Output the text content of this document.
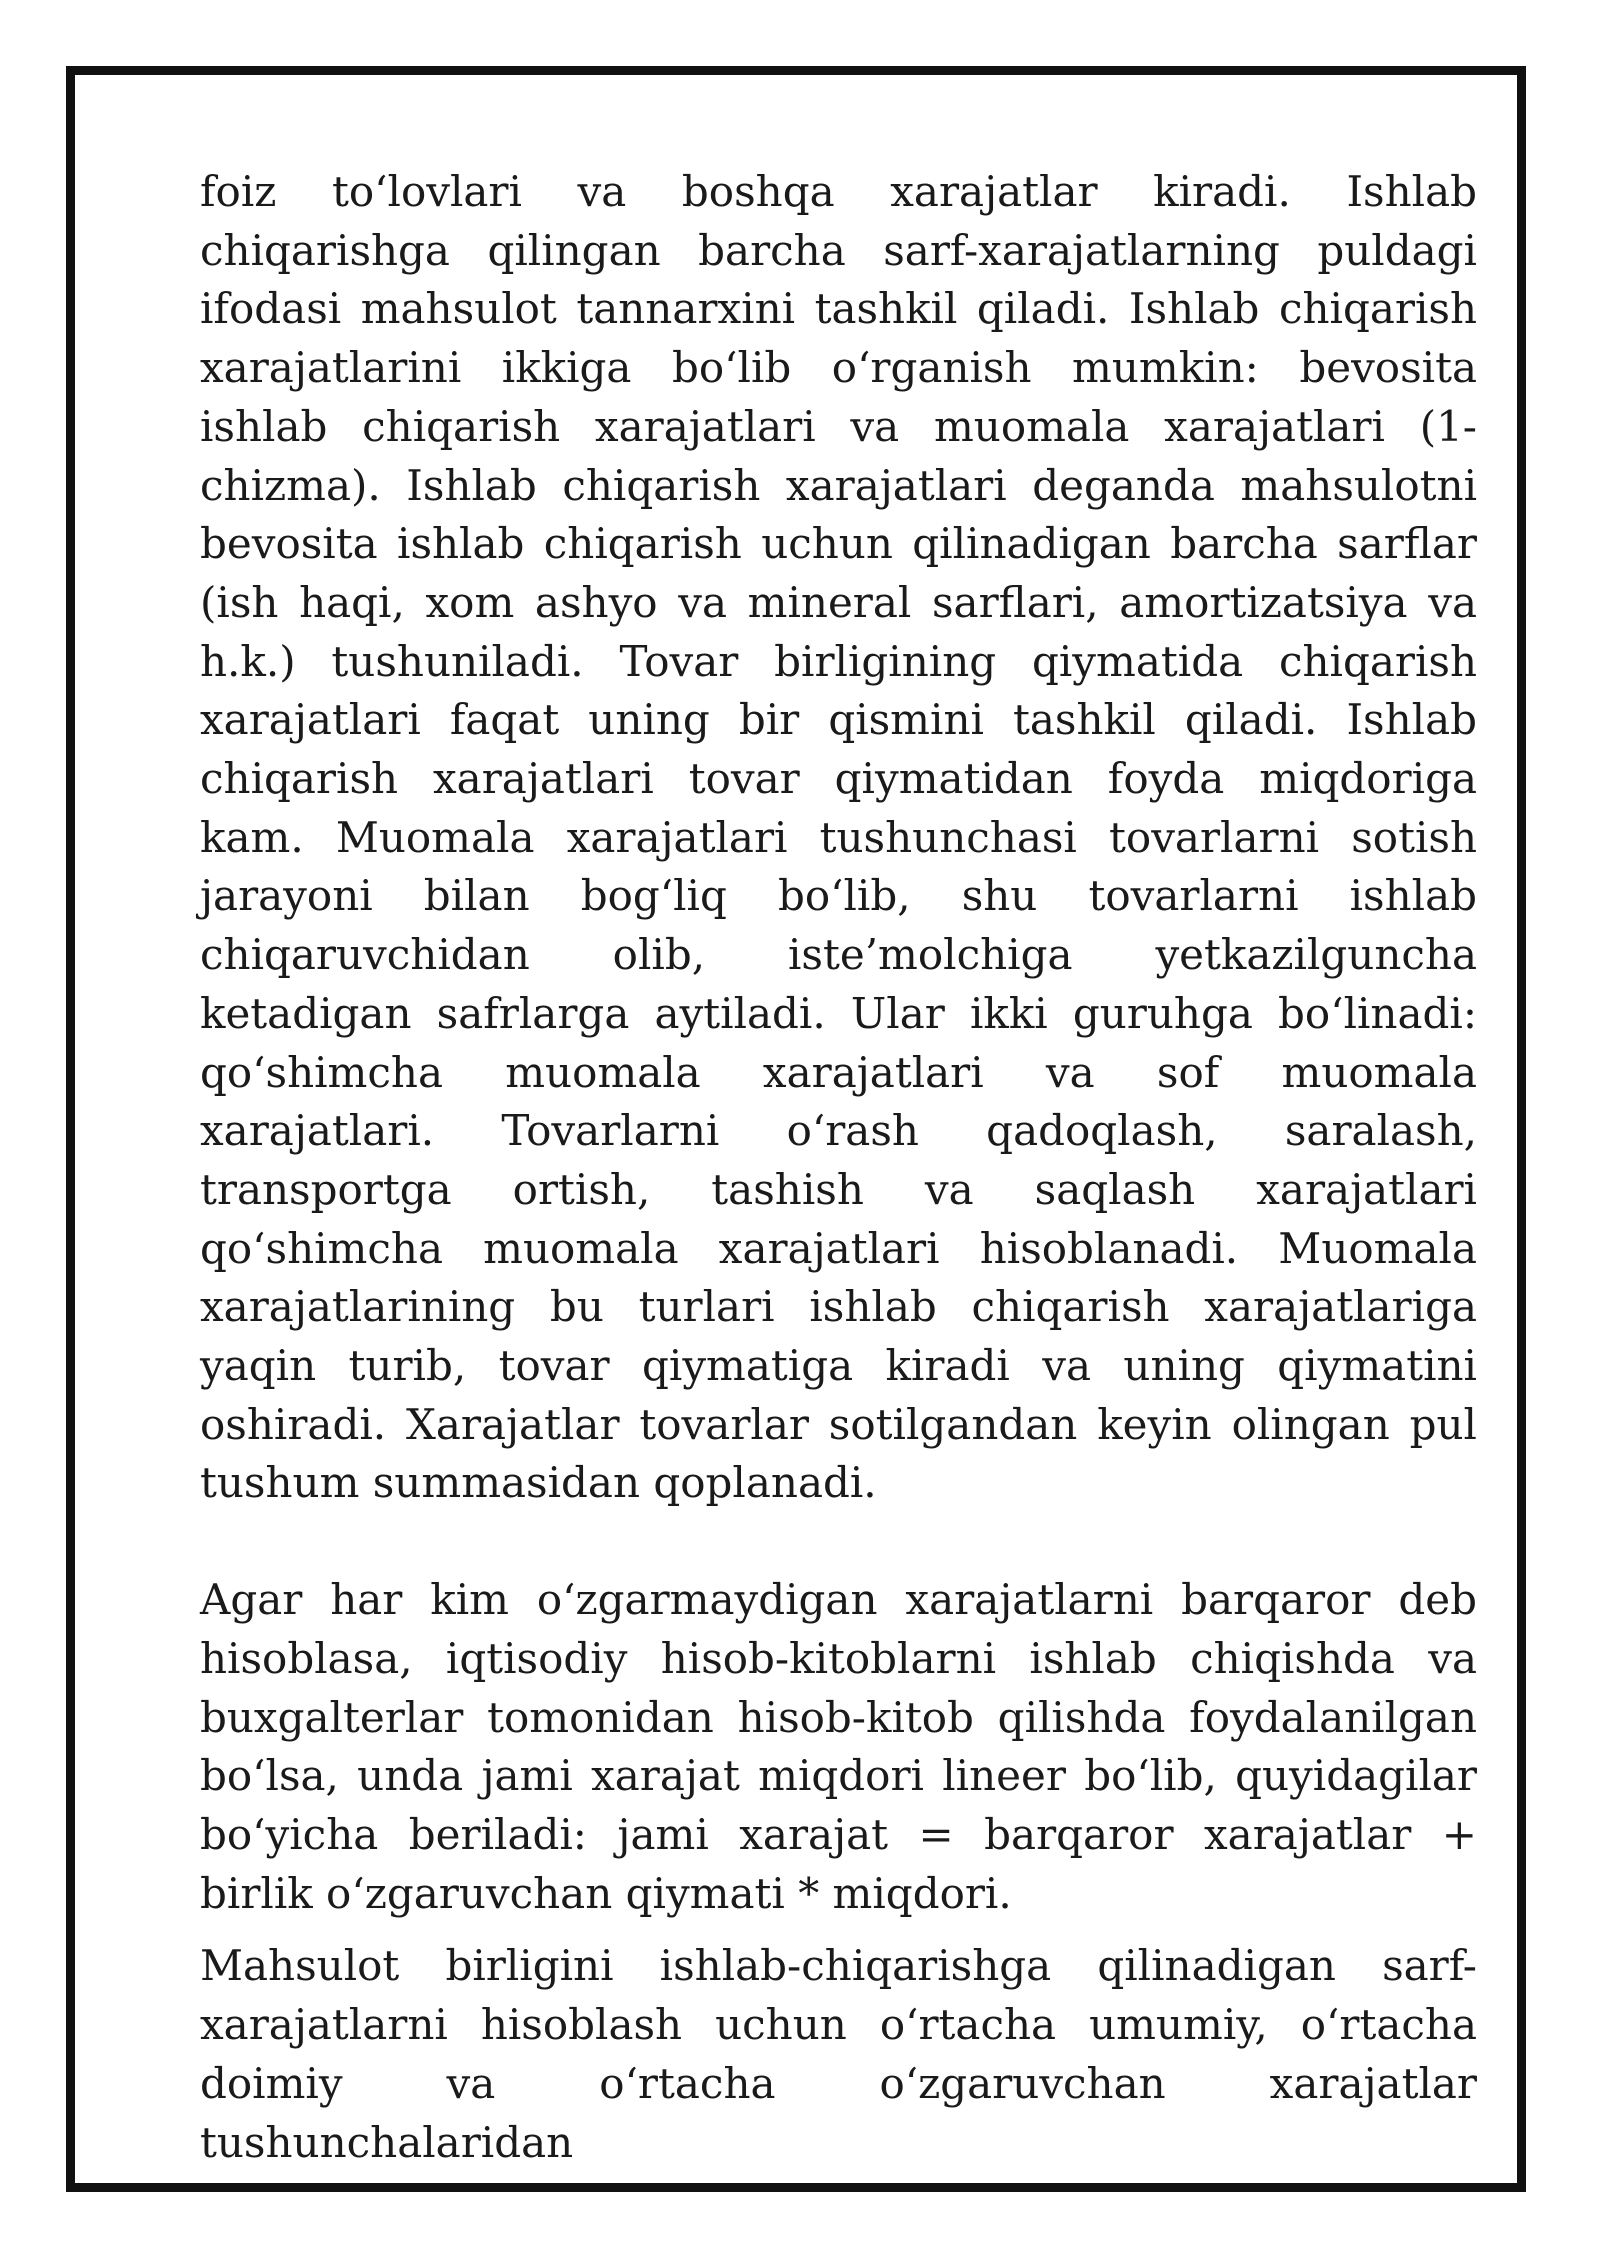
foiz to‘lovlari va boshqa xarajatlar kiradi. Ishlab chiqarishga qilingan barcha sarf-xarajatlarning puldagi ifodasi mahsulot tannarxini tashkil qiladi. Ishlab chiqarish xarajatlarini ikkiga bo‘lib o‘rganish mumkin: bevosita ishlab chiqarish xarajatlari va muomala xarajatlari (1-chizma). Ishlab chiqarish xarajatlari deganda mahsulotni bevosita ishlab chiqarish uchun qilinadigan barcha sarflar (ish haqi, xom ashyo va mineral sarflari, amortizatsiya va h.k.) tushuniladi. Tovar birligining qiymatida chiqarish xarajatlari faqat uning bir qismini tashkil qiladi. Ishlab chiqarish xarajatlari tovar qiymatidan foyda miqdoriga kam. Muomala xarajatlari tushunchasi tovarlarni sotish jarayoni bilan bog‘liq bo‘lib, shu tovarlarni ishlab chiqaruvchidan olib, iste’molchiga yetkazilguncha ketadigan safrlarga aytiladi. Ular ikki guruhga bo‘linadi: qo‘shimcha muomala xarajatlari va sof muomala xarajatlari. Tovarlarni o‘rash qadoqlash, saralash, transportga ortish, tashish va saqlash xarajatlari qo‘shimcha muomala xarajatlari hisoblanadi. Muomala xarajatlarining bu turlari ishlab chiqarish xarajatlariga yaqin turib, tovar qiymatiga kiradi va uning qiymatini oshiradi. Xarajatlar tovarlar sotilgandan keyin olingan pul tushum summasidan qoplanadi.

Agar har kim o‘zgarmaydigan xarajatlarni barqaror deb hisoblasa, iqtisodiy hisob-kitoblarni ishlab chiqishda va buxgalterlar tomonidan hisob-kitob qilishda foydalanilgan bo‘lsa, unda jami xarajat miqdori lineer bo‘lib, quyidagilar bo‘yicha beriladi: jami xarajat = barqaror xarajatlar + birlik o‘zgaruvchan qiymati * miqdori.

Mahsulot birligini ishlab-chiqarishga qilinadigan sarf-xarajatlarni hisoblash uchun o‘rtacha umumiy, o‘rtacha doimiy va o‘rtacha o‘zgaruvchan xarajatlar tushunchalaridan
